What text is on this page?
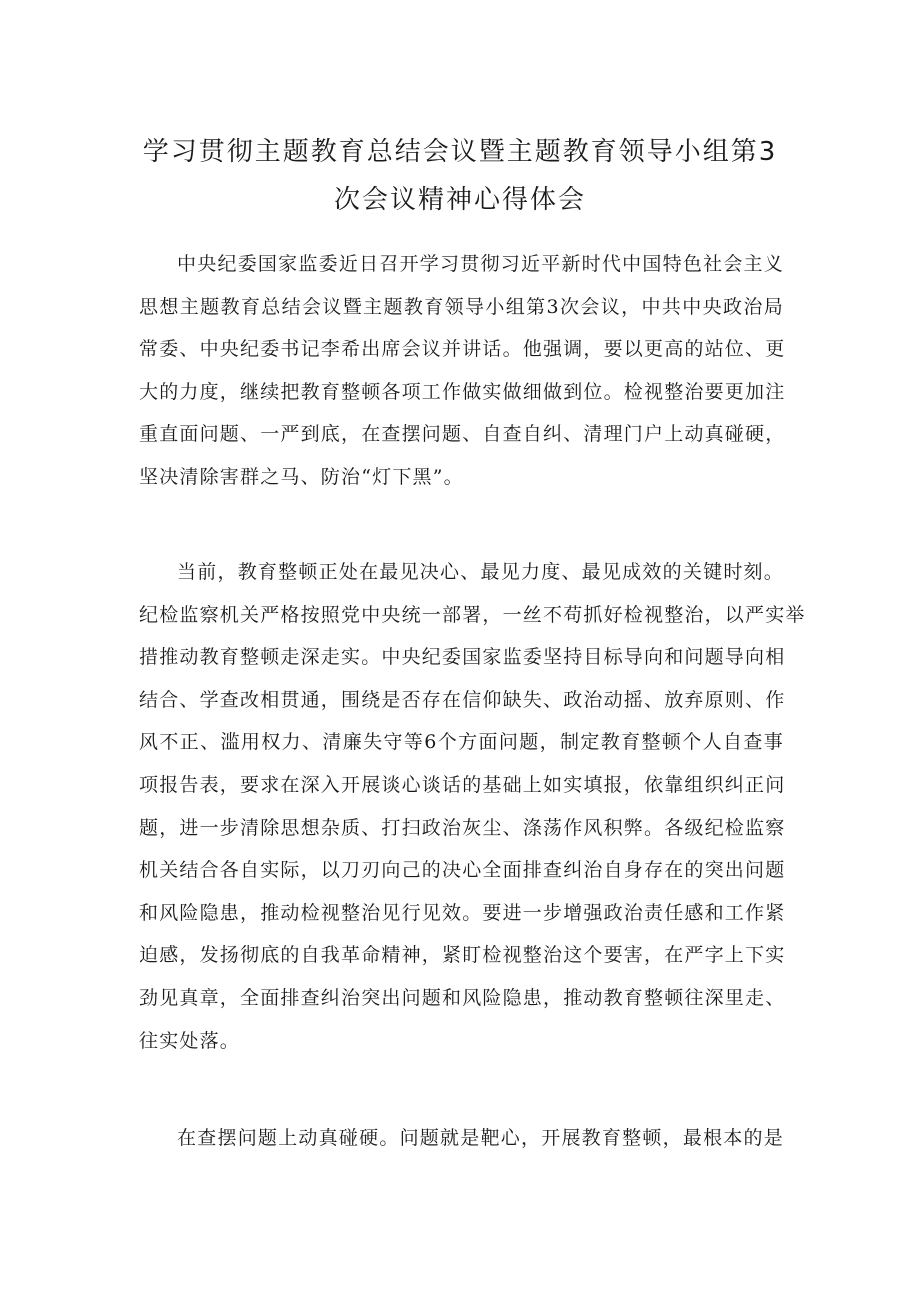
学习贯彻主题教育总结会议暨主题教育领导小组第3
次会议精神心得体会

中央纪委国家监委近日召开学习贯彻习近平新时代中国特色社会主义
思想主题教育总结会议暨主题教育领导小组第3次会议，中共中央政治局
常委、中央纪委书记李希出席会议并讲话。他强调，要以更高的站位、更
大的力度，继续把教育整顿各项工作做实做细做到位。检视整治要更加注
重直面问题、一严到底，在查摆问题、自查自纠、清理门户上动真碰硬，
坚决清除害群之马、防治“灯下黑”。

当前，教育整顿正处在最见决心、最见力度、最见成效的关键时刻。
纪检监察机关严格按照党中央统一部署，一丝不苟抓好检视整治，以严实举
措推动教育整顿走深走实。中央纪委国家监委坚持目标导向和问题导向相
结合、学查改相贯通，围绕是否存在信仰缺失、政治动摇、放弃原则、作
风不正、滥用权力、清廉失守等6个方面问题，制定教育整顿个人自查事
项报告表，要求在深入开展谈心谈话的基础上如实填报，依靠组织纠正问
题，进一步清除思想杂质、打扫政治灰尘、涤荡作风积弊。各级纪检监察
机关结合各自实际，以刀刃向己的决心全面排查纠治自身存在的突出问题
和风险隐患，推动检视整治见行见效。要进一步增强政治责任感和工作紧
迫感，发扬彻底的自我革命精神，紧盯检视整治这个要害，在严字上下实
劲见真章，全面排查纠治突出问题和风险隐患，推动教育整顿往深里走、
往实处落。

在查摆问题上动真碰硬。问题就是靶心，开展教育整顿，最根本的是
